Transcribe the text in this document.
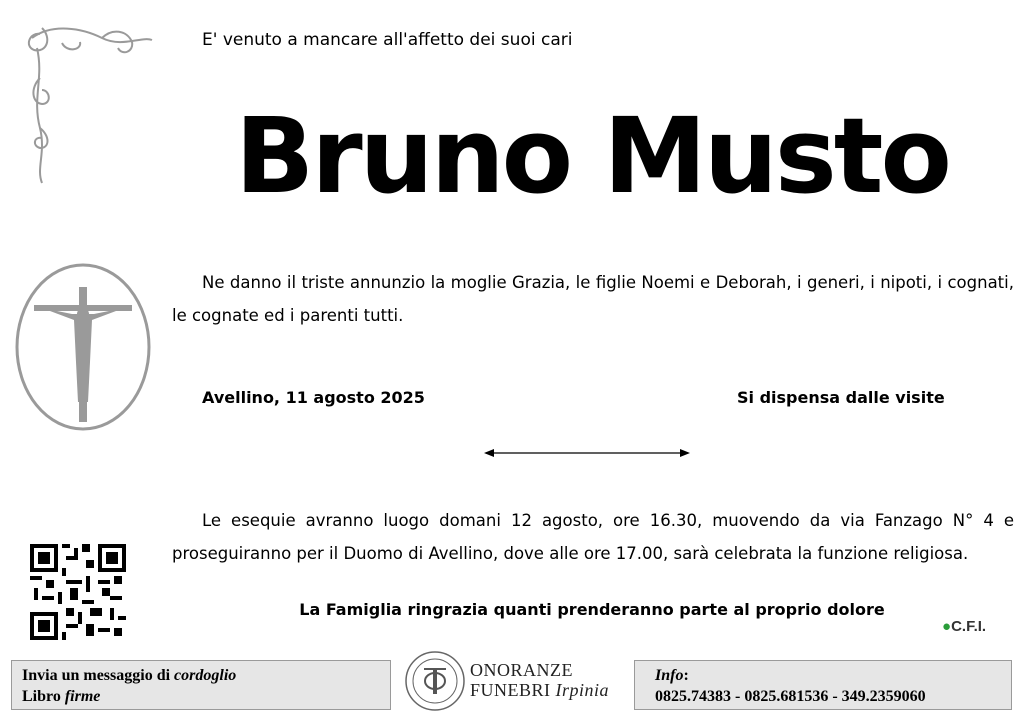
E' venuto a mancare all'affetto dei suoi cari
Bruno Musto
Ne danno il triste annunzio la moglie Grazia, le figlie Noemi e Deborah, i generi, i nipoti, i cognati, le cognate ed i parenti tutti.
Avellino, 11 agosto 2025	Si dispensa dalle visite
Le esequie avranno luogo domani 12 agosto, ore 16.30, muovendo da via Fanzago N° 4 e proseguiranno per il Duomo di Avellino, dove alle ore 17.00, sarà celebrata la funzione religiosa.
La Famiglia ringrazia quanti prenderanno parte al proprio dolore
●C.F.I.
Invia un messaggio di cordoglio
Libro firme
ONORANZE
FUNEBRI Irpinia
Info:
0825.74383 - 0825.681536 - 349.2359060
